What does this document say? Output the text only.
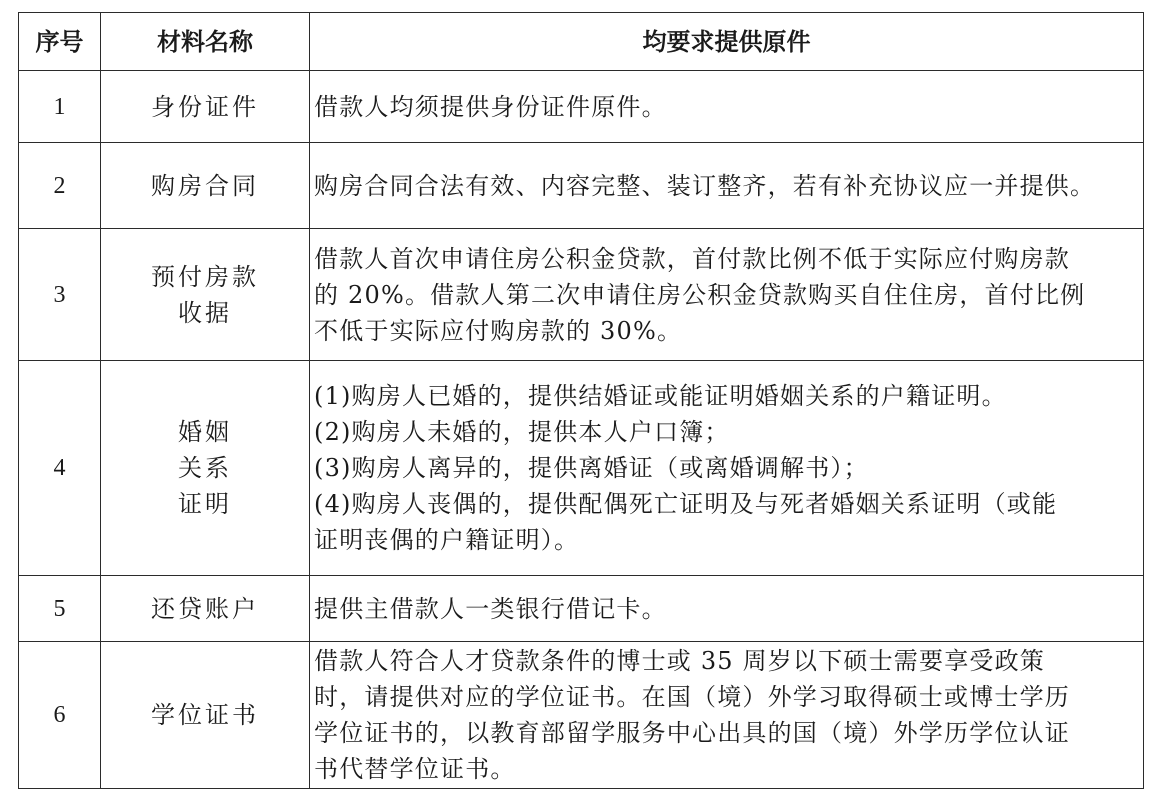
序号	材料名称	均要求提供原件
1	身份证件	借款人均须提供身份证件原件。

2	购房合同	购房合同合法有效、内容完整、装订整齐，若有补充协议应一并提供。

3	预付房款
收据	借款人首次申请住房公积金贷款，首付款比例不低于实际应付购房款
的 20%。借款人第二次申请住房公积金贷款购买自住住房，首付比例
不低于实际应付购房款的 30%。

4	婚姻
关系
证明	(1)购房人已婚的，提供结婚证或能证明婚姻关系的户籍证明。
(2)购房人未婚的，提供本人户口簿；
(3)购房人离异的，提供离婚证（或离婚调解书）；
(4)购房人丧偶的，提供配偶死亡证明及与死者婚姻关系证明（或能
证明丧偶的户籍证明）。

5	还贷账户	提供主借款人一类银行借记卡。

6	学位证书	借款人符合人才贷款条件的博士或 35 周岁以下硕士需要享受政策
时，请提供对应的学位证书。在国（境）外学习取得硕士或博士学历
学位证书的，以教育部留学服务中心出具的国（境）外学历学位认证
书代替学位证书。
